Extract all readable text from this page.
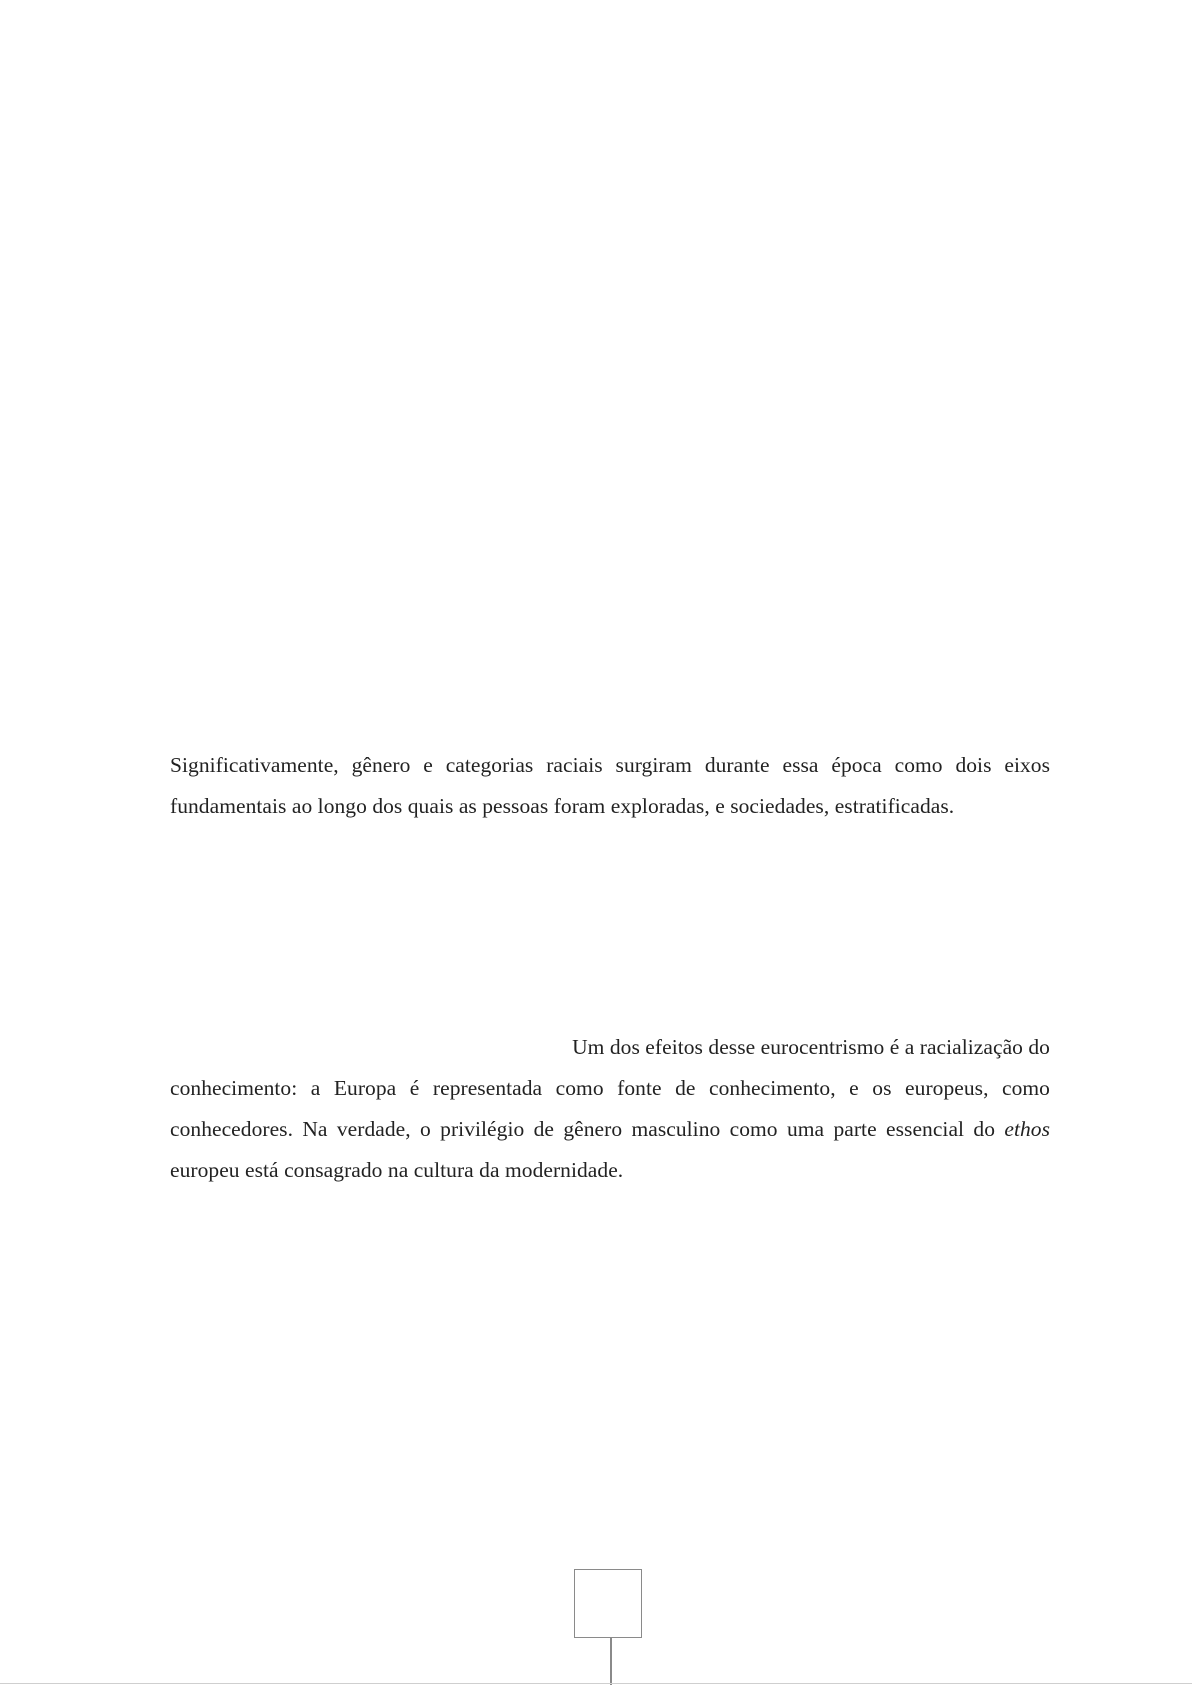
Significativamente, gênero e categorias raciais surgiram durante essa época como dois eixos
fundamentais ao longo dos quais as pessoas foram exploradas, e sociedades, estratificadas.
Um dos efeitos desse eurocentrismo é a racialização do
conhecimento: a Europa é representada como fonte de conhecimento, e os europeus, como
conhecedores. Na verdade, o privilégio de gênero masculino como uma parte essencial do ethos
europeu está consagrado na cultura da modernidade.
